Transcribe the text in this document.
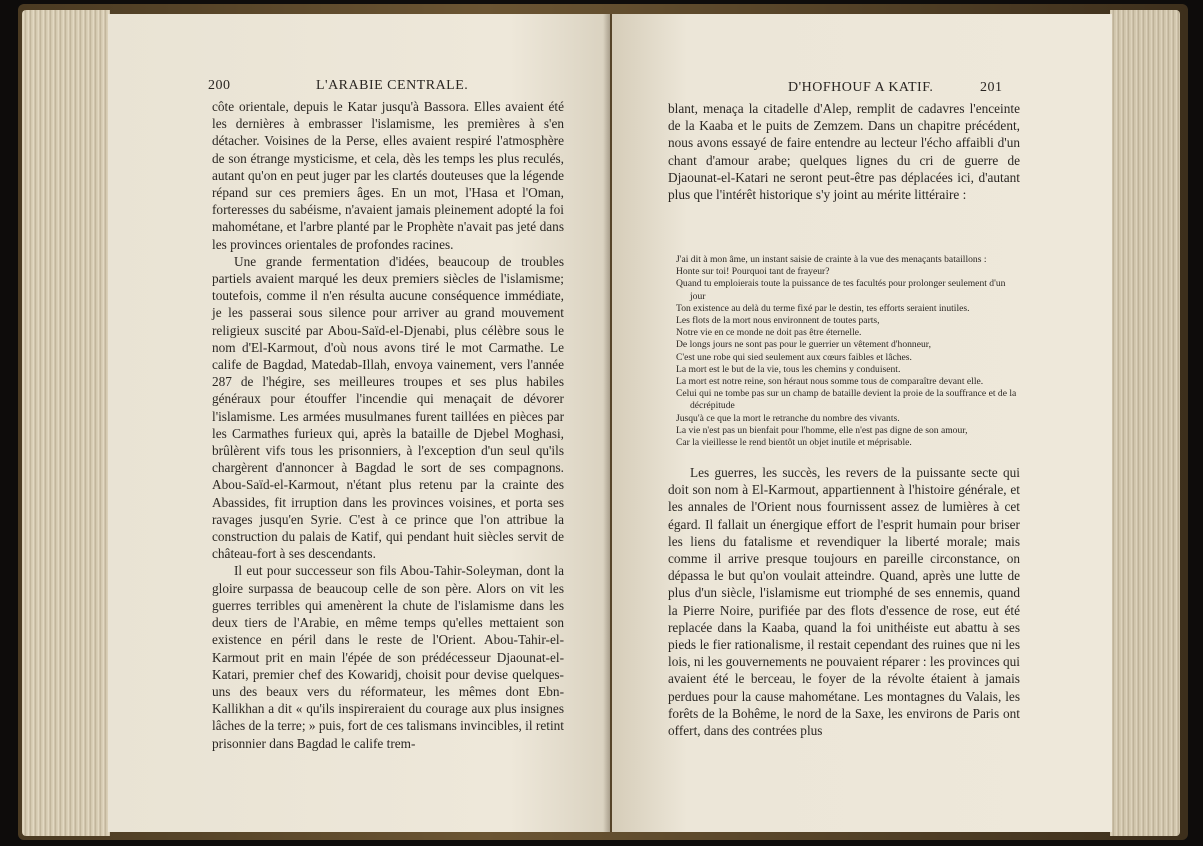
200	L'ARABIE CENTRALE.

côte orientale, depuis le Katar jusqu'à Bassora. Elles avaient été les dernières à embrasser l'islamisme, les premières à s'en détacher. Voisines de la Perse, elles avaient respiré l'atmosphère de son étrange mysticisme, et cela, dès les temps les plus reculés, autant qu'on en peut juger par les clartés douteuses que la légende répand sur ces premiers âges. En un mot, l'Hasa et l'Oman, forteresses du sabéisme, n'avaient jamais pleinement adopté la foi mahométane, et l'arbre planté par le Prophète n'avait pas jeté dans les provinces orientales de profondes racines.

Une grande fermentation d'idées, beaucoup de troubles partiels avaient marqué les deux premiers siècles de l'islamisme; toutefois, comme il n'en résulta aucune conséquence immédiate, je les passerai sous silence pour arriver au grand mouvement religieux suscité par Abou-Saïd-el-Djenabi, plus célèbre sous le nom d'El-Karmout, d'où nous avons tiré le mot Carmathe. Le calife de Bagdad, Matedab-Illah, envoya vainement, vers l'année 287 de l'hégire, ses meilleures troupes et ses plus habiles généraux pour étouffer l'incendie qui menaçait de dévorer l'islamisme. Les armées musulmanes furent taillées en pièces par les Carmathes furieux qui, après la bataille de Djebel Moghasi, brûlèrent vifs tous les prisonniers, à l'exception d'un seul qu'ils chargèrent d'annoncer à Bagdad le sort de ses compagnons. Abou-Saïd-el-Karmout, n'étant plus retenu par la crainte des Abassides, fit irruption dans les provinces voisines, et porta ses ravages jusqu'en Syrie. C'est à ce prince que l'on attribue la construction du palais de Katif, qui pendant huit siècles servit de château-fort à ses descendants.

Il eut pour successeur son fils Abou-Tahir-Soleyman, dont la gloire surpassa de beaucoup celle de son père. Alors on vit les guerres terribles qui amenèrent la chute de l'islamisme dans les deux tiers de l'Arabie, en même temps qu'elles mettaient son existence en péril dans le reste de l'Orient. Abou-Tahir-el-Karmout prit en main l'épée de son prédécesseur Djaounat-el-Katari, premier chef des Kowaridj, choisit pour devise quelques-uns des beaux vers du réformateur, les mêmes dont Ebn-Kallikhan a dit « qu'ils inspireraient du courage aux plus insignes lâches de la terre; » puis, fort de ces talismans invincibles, il retint prisonnier dans Bagdad le calife trem-

D'HOFHOUF A KATIF.	201
blant, menaça la citadelle d'Alep, remplit de cadavres l'enceinte de la Kaaba et le puits de Zemzem. Dans un chapitre précédent, nous avons essayé de faire entendre au lecteur l'écho affaibli d'un chant d'amour arabe; quelques lignes du cri de guerre de Djaounat-el-Katari ne seront peut-être pas déplacées ici, d'autant plus que l'intérêt historique s'y joint au mérite littéraire :
J'ai dit à mon âme, un instant saisie de crainte à la vue des menaçants bataillons :
Honte sur toi! Pourquoi tant de frayeur?
Quand tu emploierais toute la puissance de tes facultés pour prolonger seulement d'un jour
Ton existence au delà du terme fixé par le destin, tes efforts seraient inutiles.
Les flots de la mort nous environnent de toutes parts,
Notre vie en ce monde ne doit pas être éternelle.
De longs jours ne sont pas pour le guerrier un vêtement d'honneur,
C'est une robe qui sied seulement aux cœurs faibles et lâches.
La mort est le but de la vie, tous les chemins y conduisent.
La mort est notre reine, son héraut nous somme tous de comparaître devant elle.
Celui qui ne tombe pas sur un champ de bataille devient la proie de la souffrance et de la décrépitude
Jusqu'à ce que la mort le retranche du nombre des vivants.
La vie n'est pas un bienfait pour l'homme, elle n'est pas digne de son amour,
Car la vieillesse le rend bientôt un objet inutile et méprisable.

Les guerres, les succès, les revers de la puissante secte qui doit son nom à El-Karmout, appartiennent à l'histoire générale, et les annales de l'Orient nous fournissent assez de lumières à cet égard. Il fallait un énergique effort de l'esprit humain pour briser les liens du fatalisme et revendiquer la liberté morale; mais comme il arrive presque toujours en pareille circonstance, on dépassa le but qu'on voulait atteindre. Quand, après une lutte de plus d'un siècle, l'islamisme eut triomphé de ses ennemis, quand la Pierre Noire, purifiée par des flots d'essence de rose, eut été replacée dans la Kaaba, quand la foi unithéiste eut abattu à ses pieds le fier rationalisme, il restait cependant des ruines que ni les lois, ni les gouvernements ne pouvaient réparer : les provinces qui avaient été le berceau, le foyer de la révolte étaient à jamais perdues pour la cause mahométane. Les montagnes du Valais, les forêts de la Bohême, le nord de la Saxe, les environs de Paris ont offert, dans des contrées plus
